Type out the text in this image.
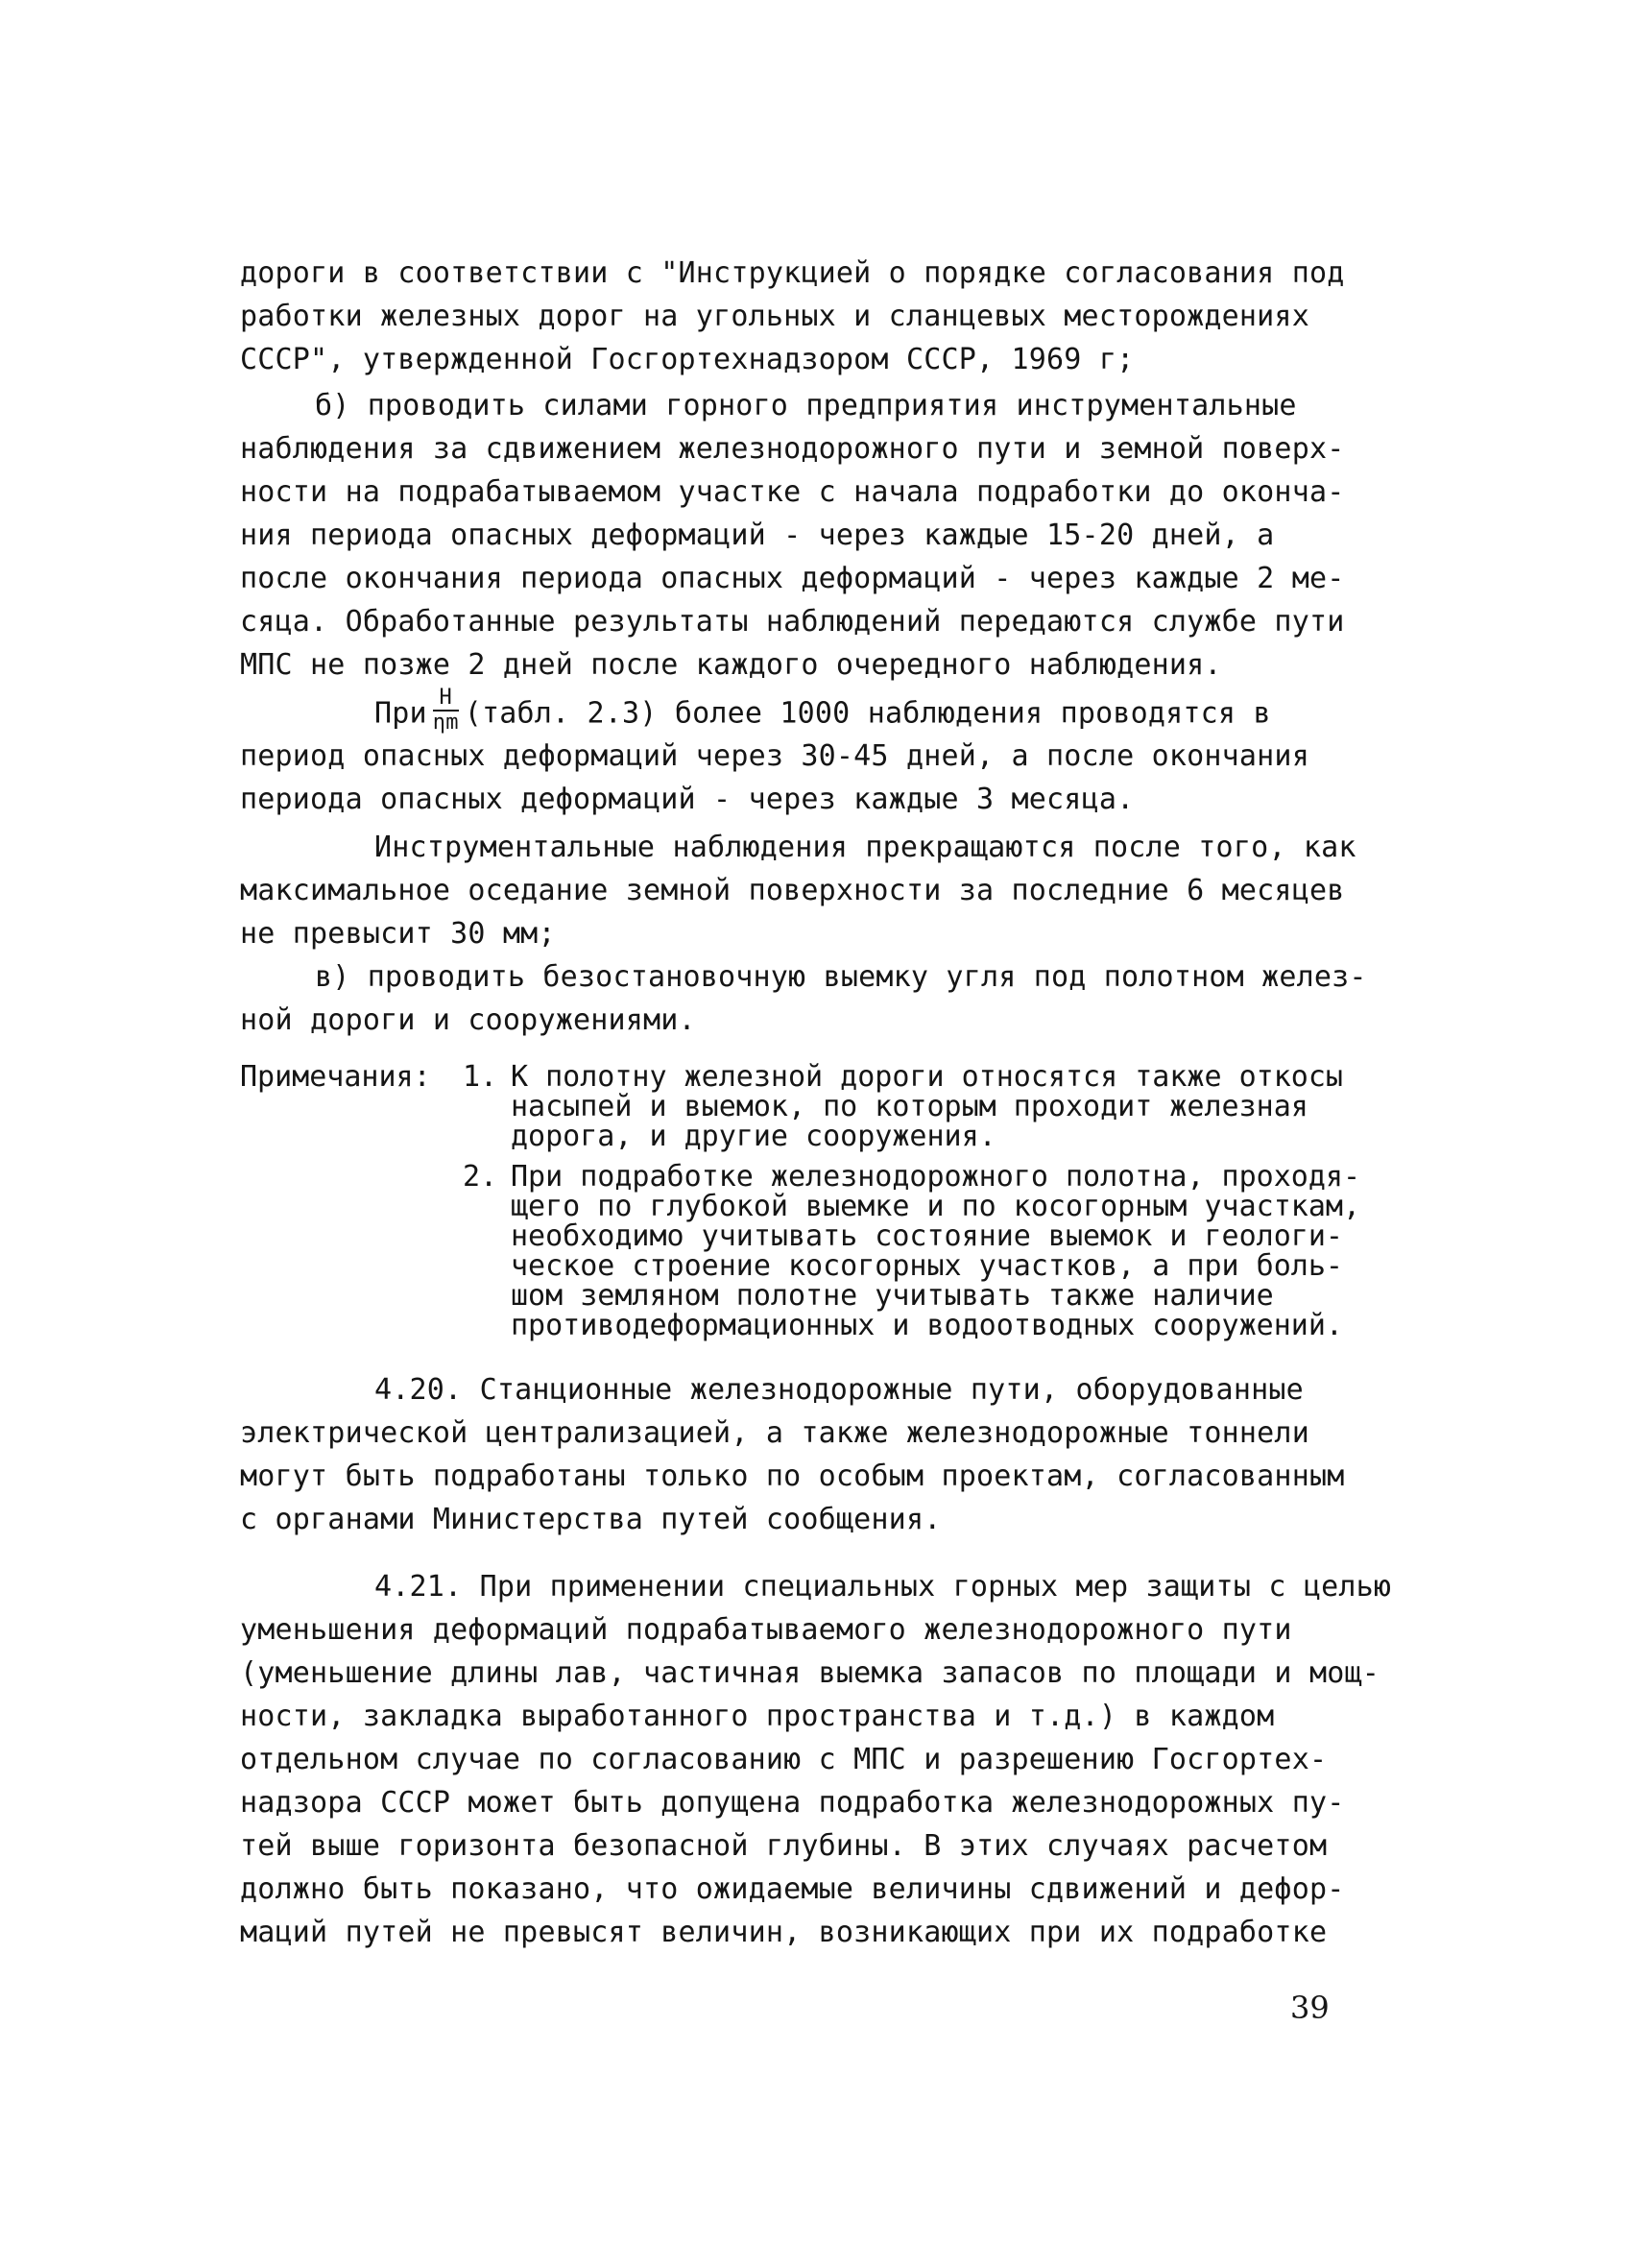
дороги в соответствии с "Инструкцией о порядке согласования под
работки железных дорог на угольных и сланцевых месторождениях
СССР", утвержденной Госгортехнадзором СССР, 1969 г;
б) проводить силами горного предприятия инструментальные
наблюдения за сдвижением железнодорожного пути и земной поверх-
ности на подрабатываемом участке с начала подработки до оконча-
ния периода опасных деформаций - через каждые 15-20 дней, а
после окончания периода опасных деформаций - через каждые 2 ме-
сяца. Обработанные результаты наблюдений передаются службе пути
МПС не позже 2 дней после каждого очередного наблюдения.
При $\frac{Н}{\eta m}$ (табл. 2.3) более 1000 наблюдения проводятся в
период опасных деформаций через 30-45 дней, а после окончания
периода опасных деформаций - через каждые 3 месяца.
Инструментальные наблюдения прекращаются после того, как
максимальное оседание земной поверхности за последние 6 месяцев
не превысит 30 мм;
в) проводить безостановочную выемку угля под полотном желез-
ной дороги и сооружениями.
Примечания: 1. К полотну железной дороги относятся также откосы
насыпей и выемок, по которым проходит железная
дорога, и другие сооружения.
2. При подработке железнодорожного полотна, проходя-
щего по глубокой выемке и по косогорным участкам,
необходимо учитывать состояние выемок и геологи-
ческое строение косогорных участков, а при боль-
шом земляном полотне учитывать также наличие
противодеформационных и водоотводных сооружений.
4.20. Станционные железнодорожные пути, оборудованные
электрической централизацией, а также железнодорожные тоннели
могут быть подработаны только по особым проектам, согласованным
с органами Министерства путей сообщения.
4.21. При применении специальных горных мер защиты с целью
уменьшения деформаций подрабатываемого железнодорожного пути
(уменьшение длины лав, частичная выемка запасов по площади и мощ-
ности, закладка выработанного пространства и т.д.) в каждом
отдельном случае по согласованию с МПС и разрешению Госгортех-
надзора СССР может быть допущена подработка железнодорожных пу-
тей выше горизонта безопасной глубины. В этих случаях расчетом
должно быть показано, что ожидаемые величины сдвижений и дефор-
маций путей не превысят величин, возникающих при их подработке
39
